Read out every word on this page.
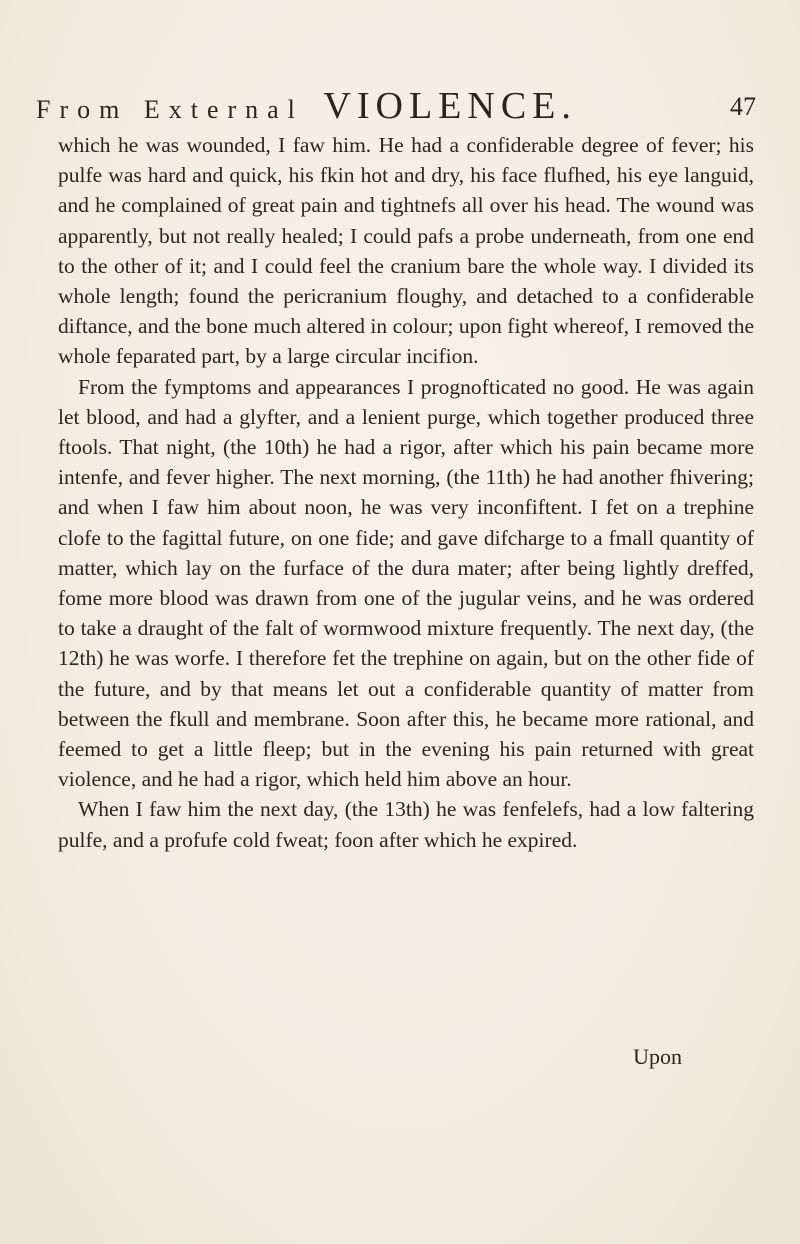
From External VIOLENCE.	47

which he was wounded, I faw him. He had a confiderable degree of fever; his pulfe was hard and quick, his fkin hot and dry, his face flufhed, his eye languid, and he complained of great pain and tightnefs all over his head. The wound was apparently, but not really healed; I could pafs a probe underneath, from one end to the other of it; and I could feel the cranium bare the whole way. I divided its whole length; found the pericranium floughy, and detached to a confiderable diftance, and the bone much altered in colour; upon fight whereof, I removed the whole feparated part, by a large circular incifion.

From the fymptoms and appearances I prognofticated no good. He was again let blood, and had a glyfter, and a lenient purge, which together produced three ftools. That night, (the 10th) he had a rigor, after which his pain became more intenfe, and fever higher. The next morning, (the 11th) he had another fhivering; and when I faw him about noon, he was very inconfiftent. I fet on a trephine clofe to the fagittal future, on one fide; and gave difcharge to a fmall quantity of matter, which lay on the furface of the dura mater; after being lightly dreffed, fome more blood was drawn from one of the jugular veins, and he was ordered to take a draught of the falt of wormwood mixture frequently. The next day, (the 12th) he was worfe. I therefore fet the trephine on again, but on the other fide of the future, and by that means let out a confiderable quantity of matter from between the fkull and membrane. Soon after this, he became more rational, and feemed to get a little fleep; but in the evening his pain returned with great violence, and he had a rigor, which held him above an hour.

When I faw him the next day, (the 13th) he was fenfelefs, had a low faltering pulfe, and a profufe cold fweat; foon after which he expired.

Upon
